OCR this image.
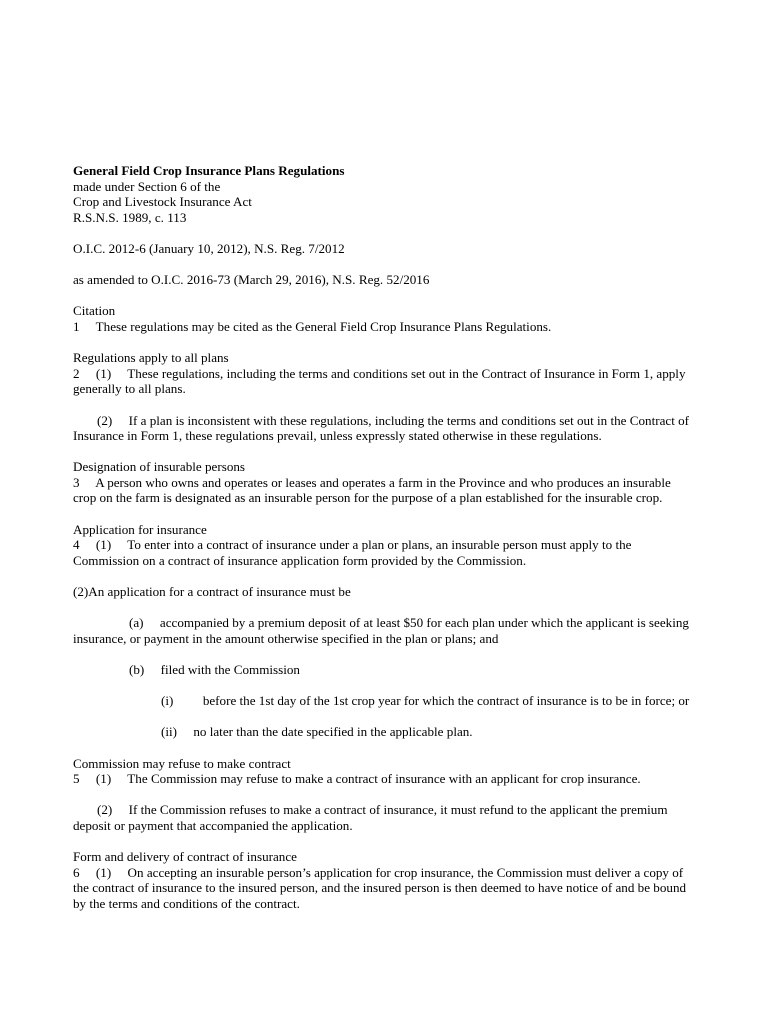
General Field Crop Insurance Plans Regulations
made under Section 6 of the
Crop and Livestock Insurance Act
R.S.N.S. 1989, c. 113
O.I.C. 2012-6 (January 10, 2012), N.S. Reg. 7/2012
as amended to O.I.C. 2016-73 (March 29, 2016), N.S. Reg. 52/2016
Citation

1  These regulations may be cited as the General Field Crop Insurance Plans Regulations.

Regulations apply to all plans

2  (1)  These regulations, including the terms and conditions set out in the Contract of Insurance in Form 1, apply generally to all plans.

(2)  If a plan is inconsistent with these regulations, including the terms and conditions set out in the Contract of Insurance in Form 1, these regulations prevail, unless expressly stated otherwise in these regulations.

Designation of insurable persons

3  A person who owns and operates or leases and operates a farm in the Province and who produces an insurable crop on the farm is designated as an insurable person for the purpose of a plan established for the insurable crop.

Application for insurance

4  (1)  To enter into a contract of insurance under a plan or plans, an insurable person must apply to the Commission on a contract of insurance application form provided by the Commission.

(2)An application for a contract of insurance must be

(a)  accompanied by a premium deposit of at least $50 for each plan under which the applicant is seeking insurance, or payment in the amount otherwise specified in the plan or plans; and

(b)  filed with the Commission

(i)   before the 1st day of the 1st crop year for which the contract of insurance is to be in force; or

(ii)  no later than the date specified in the applicable plan.

Commission may refuse to make contract

5  (1)  The Commission may refuse to make a contract of insurance with an applicant for crop insurance.

(2)  If the Commission refuses to make a contract of insurance, it must refund to the applicant the premium deposit or payment that accompanied the application.

Form and delivery of contract of insurance

6  (1)  On accepting an insurable person’s application for crop insurance, the Commission must deliver a copy of the contract of insurance to the insured person, and the insured person is then deemed to have notice of and be bound by the terms and conditions of the contract.
